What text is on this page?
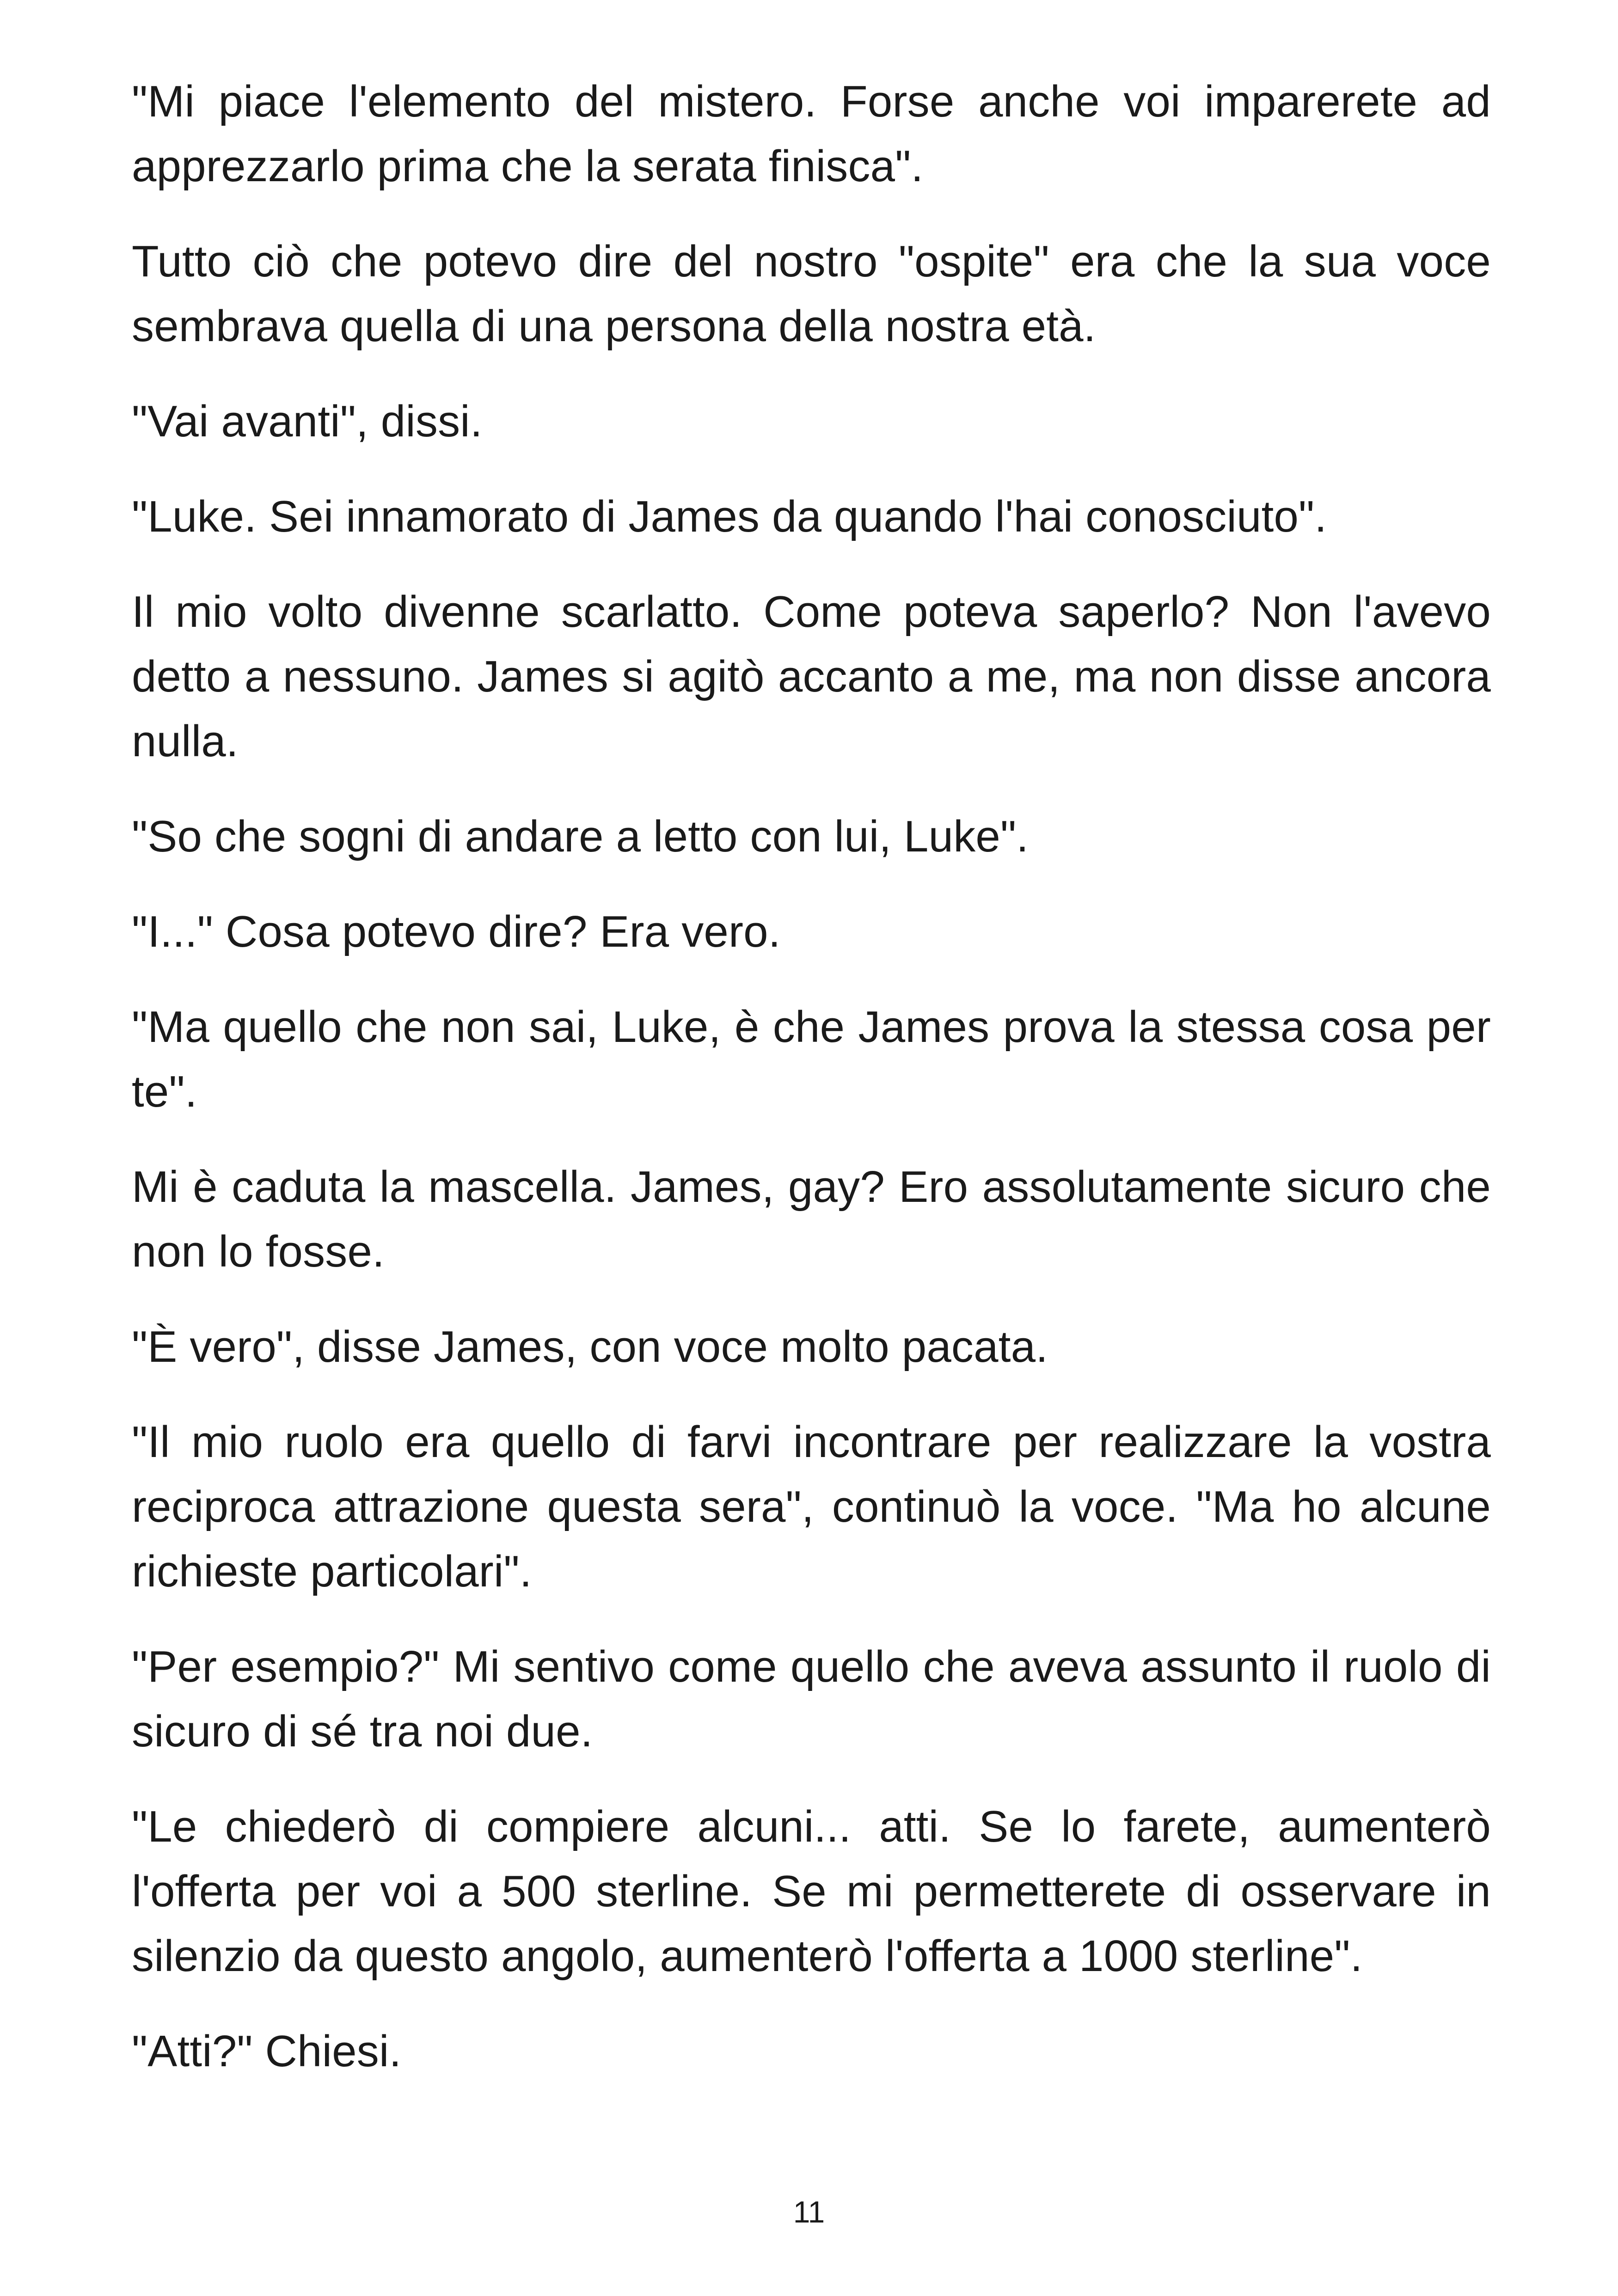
"Mi piace l'elemento del mistero. Forse anche voi imparerete ad apprezzarlo prima che la serata finisca".

Tutto ciò che potevo dire del nostro "ospite" era che la sua voce sembrava quella di una persona della nostra età.

"Vai avanti", dissi.

"Luke. Sei innamorato di James da quando l'hai conosciuto".

Il mio volto divenne scarlatto. Come poteva saperlo? Non l'avevo detto a nessuno. James si agitò accanto a me, ma non disse ancora nulla.

"So che sogni di andare a letto con lui, Luke".

"I..." Cosa potevo dire? Era vero.

"Ma quello che non sai, Luke, è che James prova la stessa cosa per te".

Mi è caduta la mascella. James, gay? Ero assolutamente sicuro che non lo fosse.

"È vero", disse James, con voce molto pacata.

"Il mio ruolo era quello di farvi incontrare per realizzare la vostra reciproca attrazione questa sera", continuò la voce. "Ma ho alcune richieste particolari".

"Per esempio?" Mi sentivo come quello che aveva assunto il ruolo di sicuro di sé tra noi due.

"Le chiederò di compiere alcuni... atti. Se lo farete, aumenterò l'offerta per voi a 500 sterline. Se mi permetterete di osservare in silenzio da questo angolo, aumenterò l'offerta a 1000 sterline".

"Atti?" Chiesi.

11
